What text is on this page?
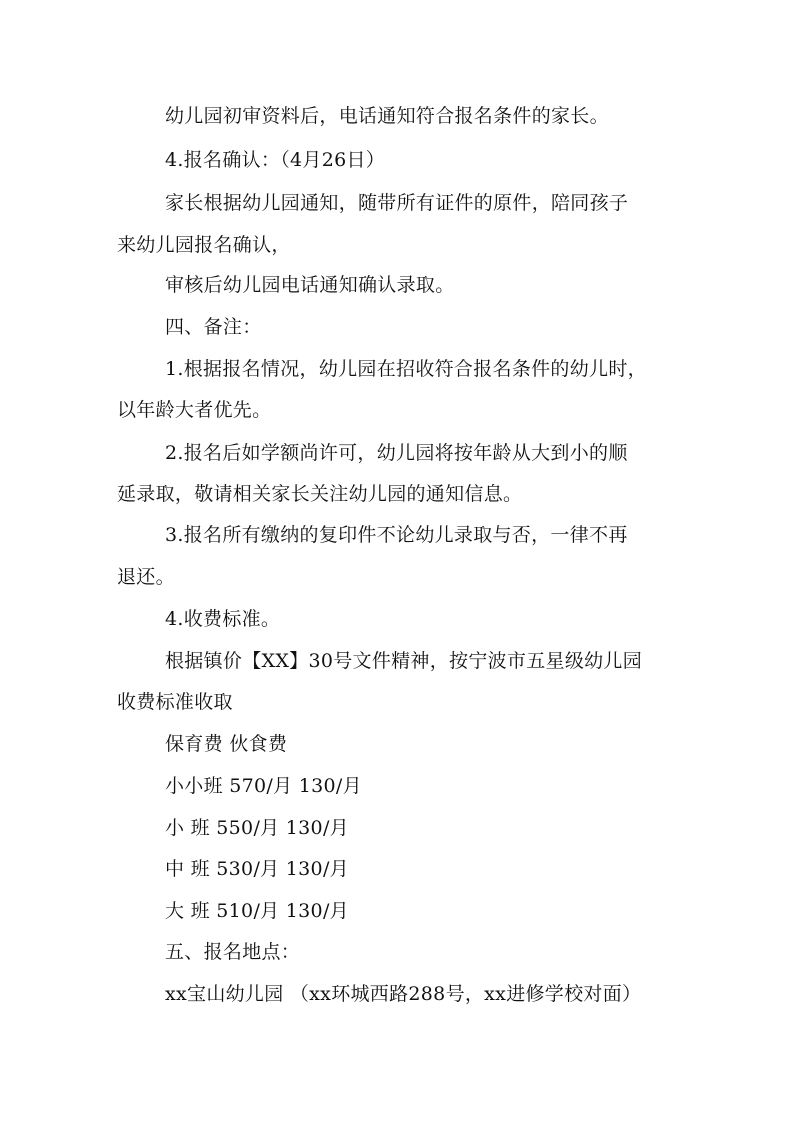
幼儿园初审资料后，电话通知符合报名条件的家长。
4.报名确认：（4月26日）
家长根据幼儿园通知，随带所有证件的原件，陪同孩子
来幼儿园报名确认，
审核后幼儿园电话通知确认录取。
四、备注：
1.根据报名情况，幼儿园在招收符合报名条件的幼儿时，
以年龄大者优先。
2.报名后如学额尚许可，幼儿园将按年龄从大到小的顺
延录取，敬请相关家长关注幼儿园的通知信息。
3.报名所有缴纳的复印件不论幼儿录取与否，一律不再
退还。
4.收费标准。
根据镇价【XX】30号文件精神，按宁波市五星级幼儿园
收费标准收取
保育费 伙食费
小小班 570/月 130/月
小 班 550/月 130/月
中 班 530/月 130/月
大 班 510/月 130/月
五、报名地点：
xx宝山幼儿园 （xx环城西路288号，xx进修学校对面）
